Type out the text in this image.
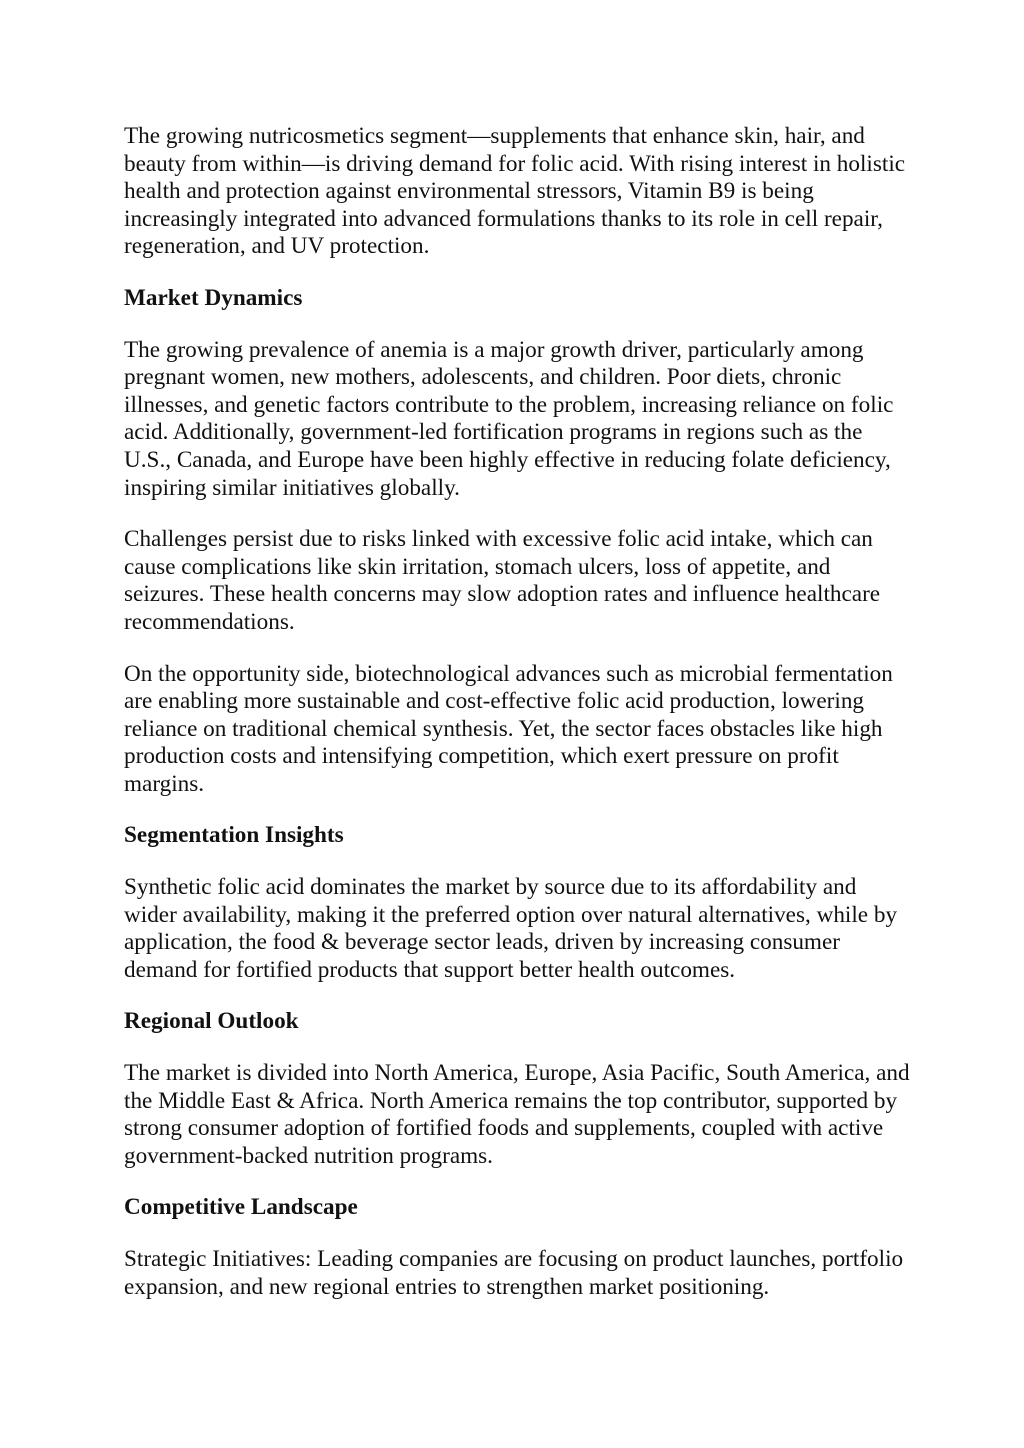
The growing nutricosmetics segment—supplements that enhance skin, hair, and beauty from within—is driving demand for folic acid. With rising interest in holistic health and protection against environmental stressors, Vitamin B9 is being increasingly integrated into advanced formulations thanks to its role in cell repair, regeneration, and UV protection.

Market Dynamics

The growing prevalence of anemia is a major growth driver, particularly among pregnant women, new mothers, adolescents, and children. Poor diets, chronic illnesses, and genetic factors contribute to the problem, increasing reliance on folic acid. Additionally, government-led fortification programs in regions such as the U.S., Canada, and Europe have been highly effective in reducing folate deficiency, inspiring similar initiatives globally.

Challenges persist due to risks linked with excessive folic acid intake, which can cause complications like skin irritation, stomach ulcers, loss of appetite, and seizures. These health concerns may slow adoption rates and influence healthcare recommendations.

On the opportunity side, biotechnological advances such as microbial fermentation are enabling more sustainable and cost-effective folic acid production, lowering reliance on traditional chemical synthesis. Yet, the sector faces obstacles like high production costs and intensifying competition, which exert pressure on profit margins.

Segmentation Insights

Synthetic folic acid dominates the market by source due to its affordability and wider availability, making it the preferred option over natural alternatives, while by application, the food & beverage sector leads, driven by increasing consumer demand for fortified products that support better health outcomes.

Regional Outlook

The market is divided into North America, Europe, Asia Pacific, South America, and the Middle East & Africa. North America remains the top contributor, supported by strong consumer adoption of fortified foods and supplements, coupled with active government-backed nutrition programs.

Competitive Landscape

Strategic Initiatives: Leading companies are focusing on product launches, portfolio expansion, and new regional entries to strengthen market positioning.
